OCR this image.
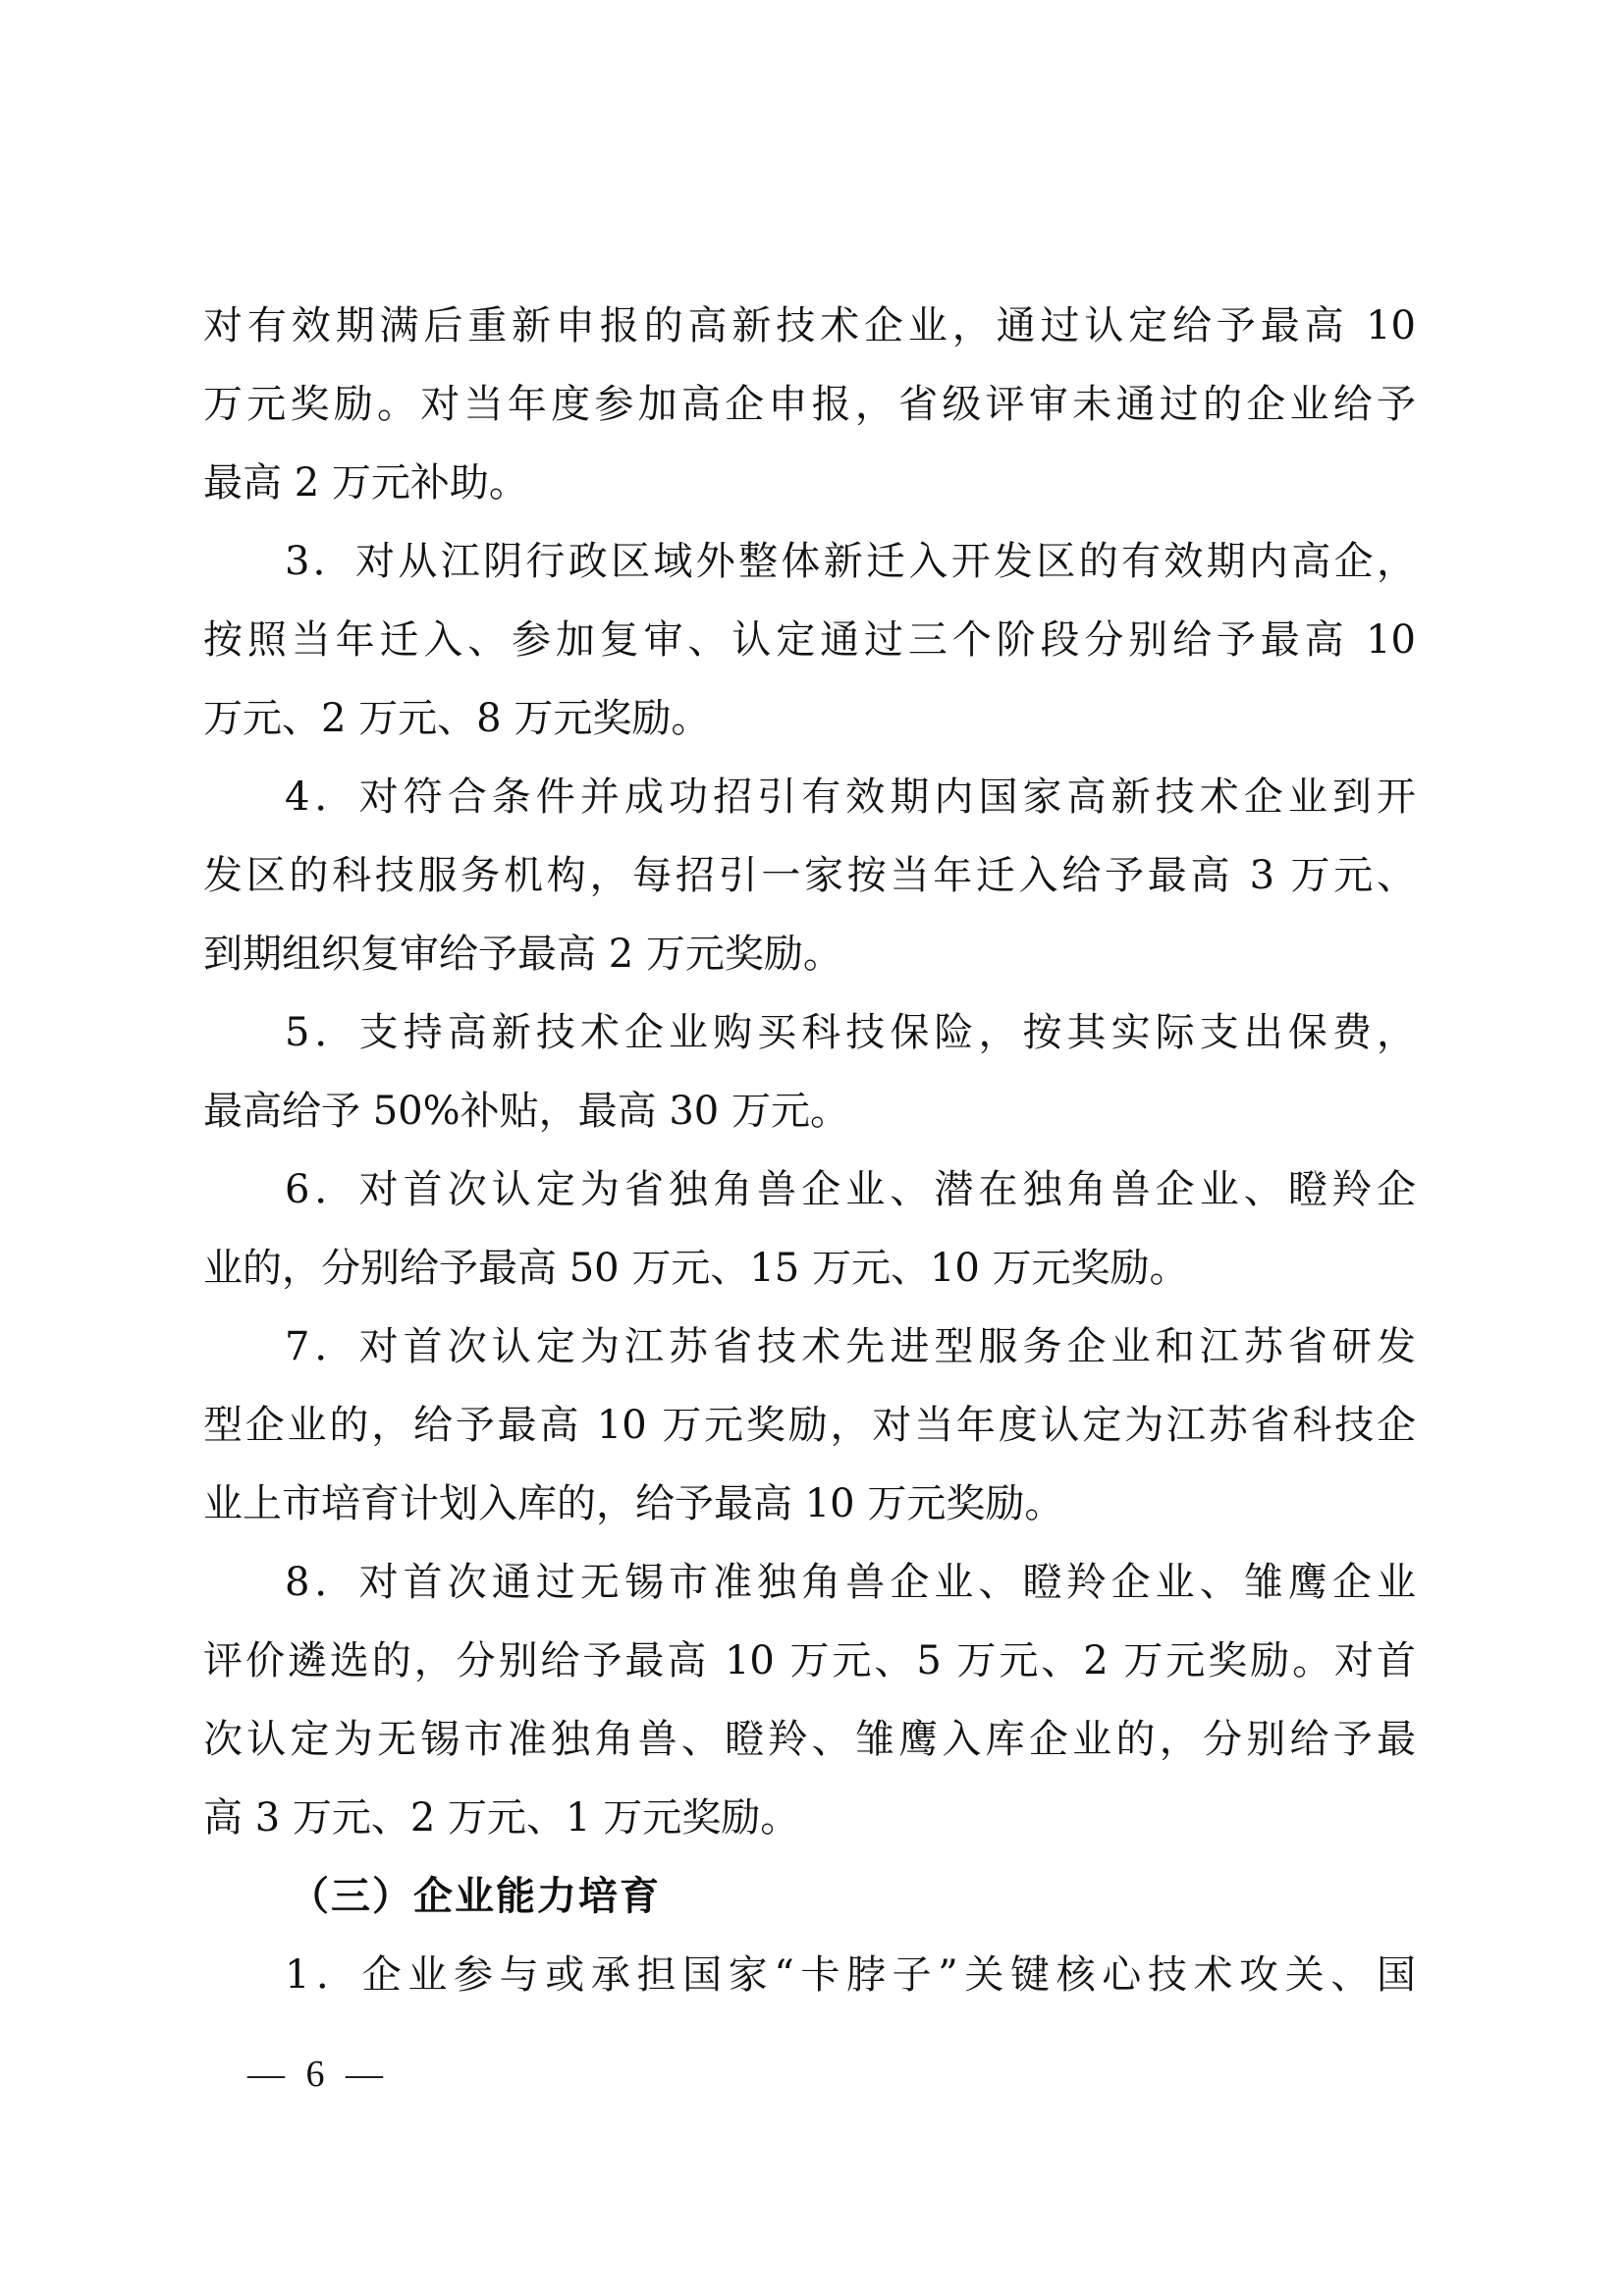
对有效期满后重新申报的高新技术企业，通过认定给予最高 10
万元奖励。对当年度参加高企申报，省级评审未通过的企业给予
最高 2 万元补助。
3．对从江阴行政区域外整体新迁入开发区的有效期内高企，
按照当年迁入、参加复审、认定通过三个阶段分别给予最高 10
万元、2 万元、8 万元奖励。
4．对符合条件并成功招引有效期内国家高新技术企业到开
发区的科技服务机构，每招引一家按当年迁入给予最高 3 万元、
到期组织复审给予最高 2 万元奖励。
5．支持高新技术企业购买科技保险，按其实际支出保费，
最高给予 50%补贴，最高 30 万元。
6．对首次认定为省独角兽企业、潜在独角兽企业、瞪羚企
业的，分别给予最高 50 万元、15 万元、10 万元奖励。
7．对首次认定为江苏省技术先进型服务企业和江苏省研发
型企业的，给予最高 10 万元奖励，对当年度认定为江苏省科技企
业上市培育计划入库的，给予最高 10 万元奖励。
8．对首次通过无锡市准独角兽企业、瞪羚企业、雏鹰企业
评价遴选的，分别给予最高 10 万元、5 万元、2 万元奖励。对首
次认定为无锡市准独角兽、瞪羚、雏鹰入库企业的，分别给予最
高 3 万元、2 万元、1 万元奖励。
（三）企业能力培育
1．企业参与或承担国家“卡脖子”关键核心技术攻关、国
— 6 —
